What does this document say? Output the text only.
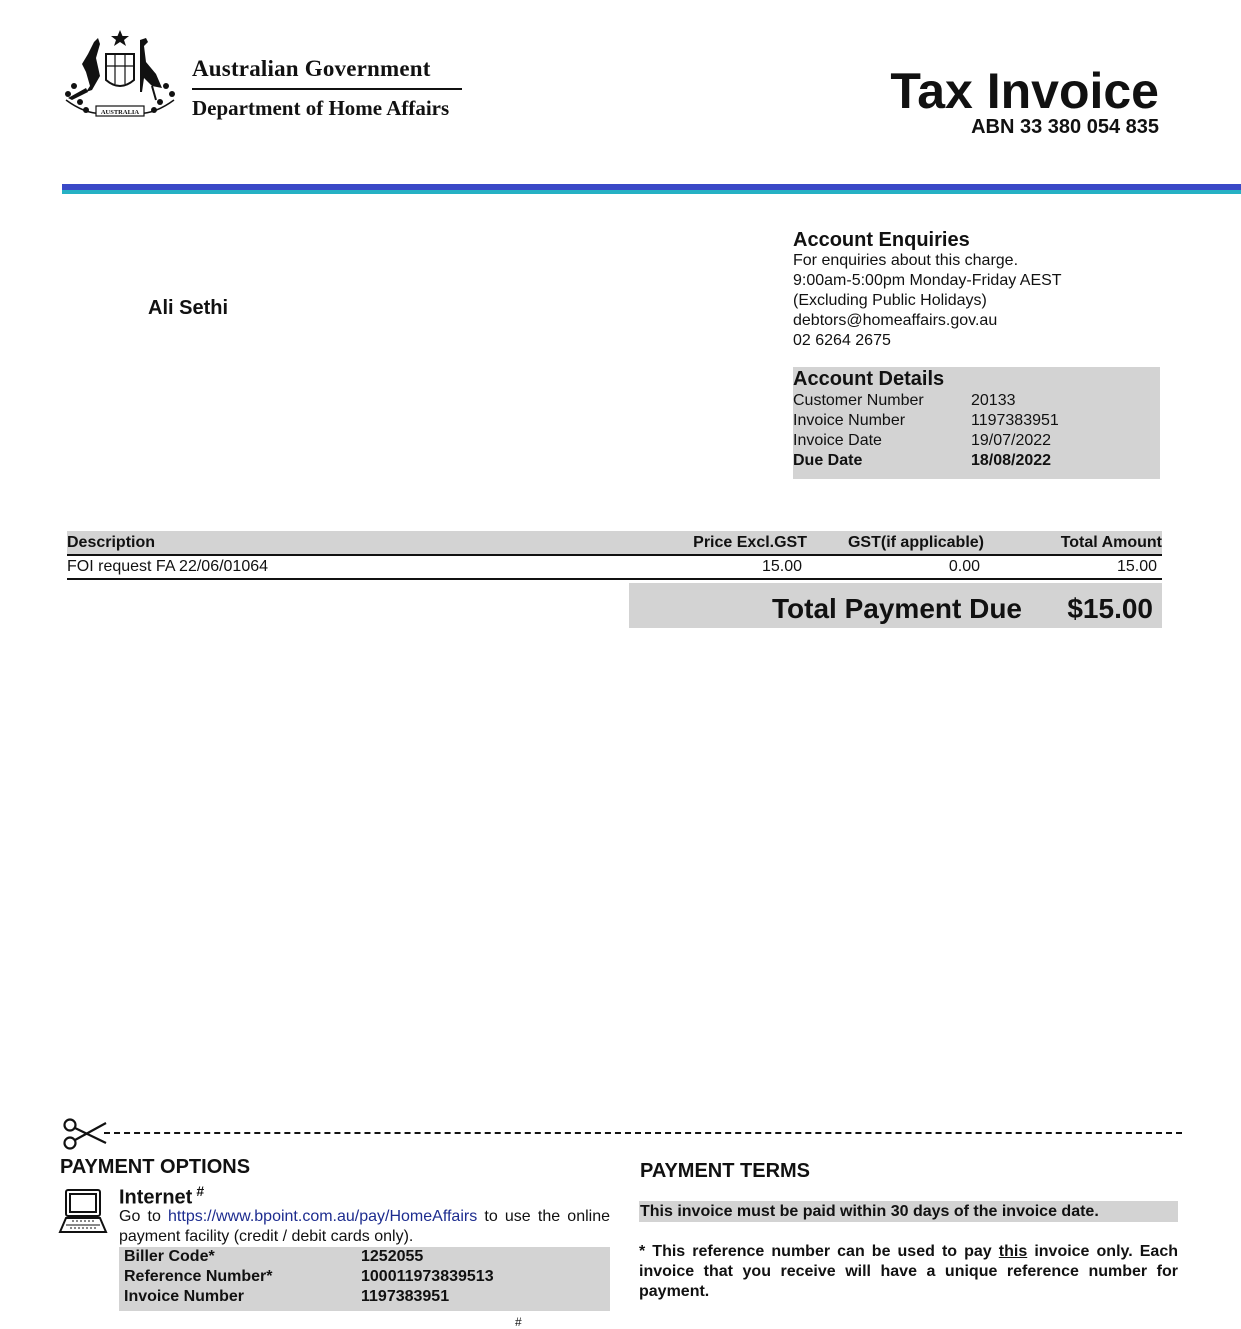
AUSTRALIA
Australian Government
Department of Home Affairs	Tax Invoice
ABN 33 380 054 835
Ali Sethi
Account Enquiries
For enquiries about this charge.
9:00am-5:00pm Monday-Friday AEST
(Excluding Public Holidays)
debtors@homeaffairs.gov.au
02 6264 2675
Account Details
Customer Number	20133
Invoice Number	1197383951
Invoice Date	19/07/2022
Due Date	18/08/2022
Description	Price Excl.GST	GST(if applicable)	Total Amount
FOI request FA 22/06/01064	15.00	0.00	15.00
Total Payment Due $15.00
PAYMENT OPTIONS
Internet #
Go to https://www.bpoint.com.au/pay/HomeAffairs to use the online payment facility (credit / debit cards only).
Biller Code*	1252055
Reference Number*	100011973839513
Invoice Number	1197383951
#
PAYMENT TERMS
This invoice must be paid within 30 days of the invoice date.
* This reference number can be used to pay this invoice only. Each invoice that you receive will have a unique reference number for payment.
